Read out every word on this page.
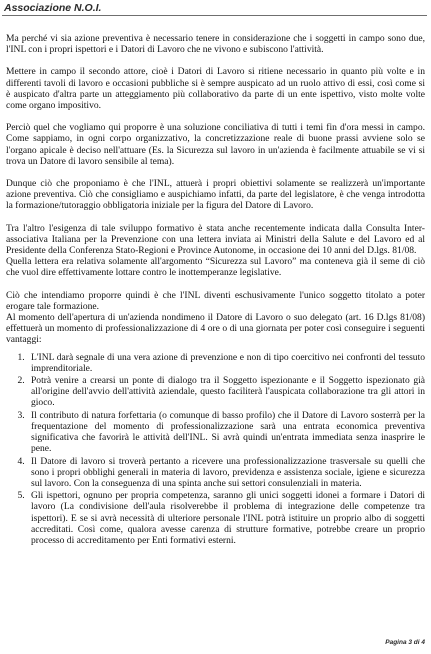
Associazione N.O.I.

Ma perché vi sia azione preventiva è necessario tenere in considerazione che i soggetti in campo sono due, l'INL con i propri ispettori e i Datori di Lavoro che ne vivono e subiscono l'attività.

Mettere in campo il secondo attore, cioè i Datori di Lavoro si ritiene necessario in quanto più volte e in differenti tavoli di lavoro e occasioni pubbliche si è sempre auspicato ad un ruolo attivo di essi, così come si è auspicato d'altra parte un atteggiamento più collaborativo da parte di un ente ispettivo, visto molte volte come organo impositivo.

Perciò quel che vogliamo qui proporre è una soluzione conciliativa di tutti i temi fin d'ora messi in campo. Come sappiamo, in ogni corpo organizzativo, la concretizzazione reale di buone prassi avviene solo se l'organo apicale è deciso nell'attuare (Es. la Sicurezza sul lavoro in un'azienda è facilmente attuabile se vi si trova un Datore di lavoro sensibile al tema).

Dunque ciò che proponiamo è che l'INL, attuerà i propri obiettivi solamente se realizzerà un'importante azione preventiva. Ciò che consigliamo e auspichiamo infatti, da parte del legislatore, è che venga introdotta la formazione/tutoraggio obbligatoria iniziale per la figura del Datore di Lavoro.

Tra l'altro l'esigenza di tale sviluppo formativo è stata anche recentemente indicata dalla Consulta Inter-associativa Italiana per la Prevenzione con una lettera inviata ai Ministri della Salute e del Lavoro ed al Presidente della Conferenza Stato-Regioni e Province Autonome, in occasione dei 10 anni del D.lgs. 81/08.

Quella lettera era relativa solamente all'argomento “Sicurezza sul Lavoro” ma conteneva già il seme di ciò che vuol dire effettivamente lottare contro le inottemperanze legislative.

Ciò che intendiamo proporre quindi è che l'INL diventi eschusivamente l'unico soggetto titolato a poter erogare tale formazione.

Al momento dell'apertura di un'azienda nondimeno il Datore di Lavoro o suo delegato (art. 16 D.lgs 81/08) effettuerà un momento di professionalizzazione di 4 ore o di una giornata per poter così conseguire i seguenti vantaggi:

1. L'INL darà segnale di una vera azione di prevenzione e non di tipo coercitivo nei confronti del tessuto imprenditoriale.
2. Potrà venire a crearsi un ponte di dialogo tra il Soggetto ispezionante e il Soggetto ispezionato già all'origine dell'avvio dell'attività aziendale, questo faciliterà l'auspicata collaborazione tra gli attori in gioco.
3. Il contributo di natura forfettaria (o comunque di basso profilo) che il Datore di Lavoro sosterrà per la frequentazione del momento di professionalizzazione sarà una entrata economica preventiva significativa che favorirà le attività dell'INL. Si avrà quindi un'entrata immediata senza inasprire le pene.
4. Il Datore di lavoro si troverà pertanto a ricevere una professionalizzazione trasversale su quelli che sono i propri obblighi generali in materia di lavoro, previdenza e assistenza sociale, igiene e sicurezza sul lavoro. Con la conseguenza di una spinta anche sui settori consulenziali in materia.
5. Gli ispettori, ognuno per propria competenza, saranno gli unici soggetti idonei a formare i Datori di lavoro (La condivisione dell'aula risolverebbe il problema di integrazione delle competenze tra ispettori). E se si avrà necessità di ulteriore personale l'INL potrà istituire un proprio albo di soggetti accreditati. Così come, qualora avesse carenza di strutture formative, potrebbe creare un proprio processo di accreditamento per Enti formativi esterni.
Pagina 3 di 4
